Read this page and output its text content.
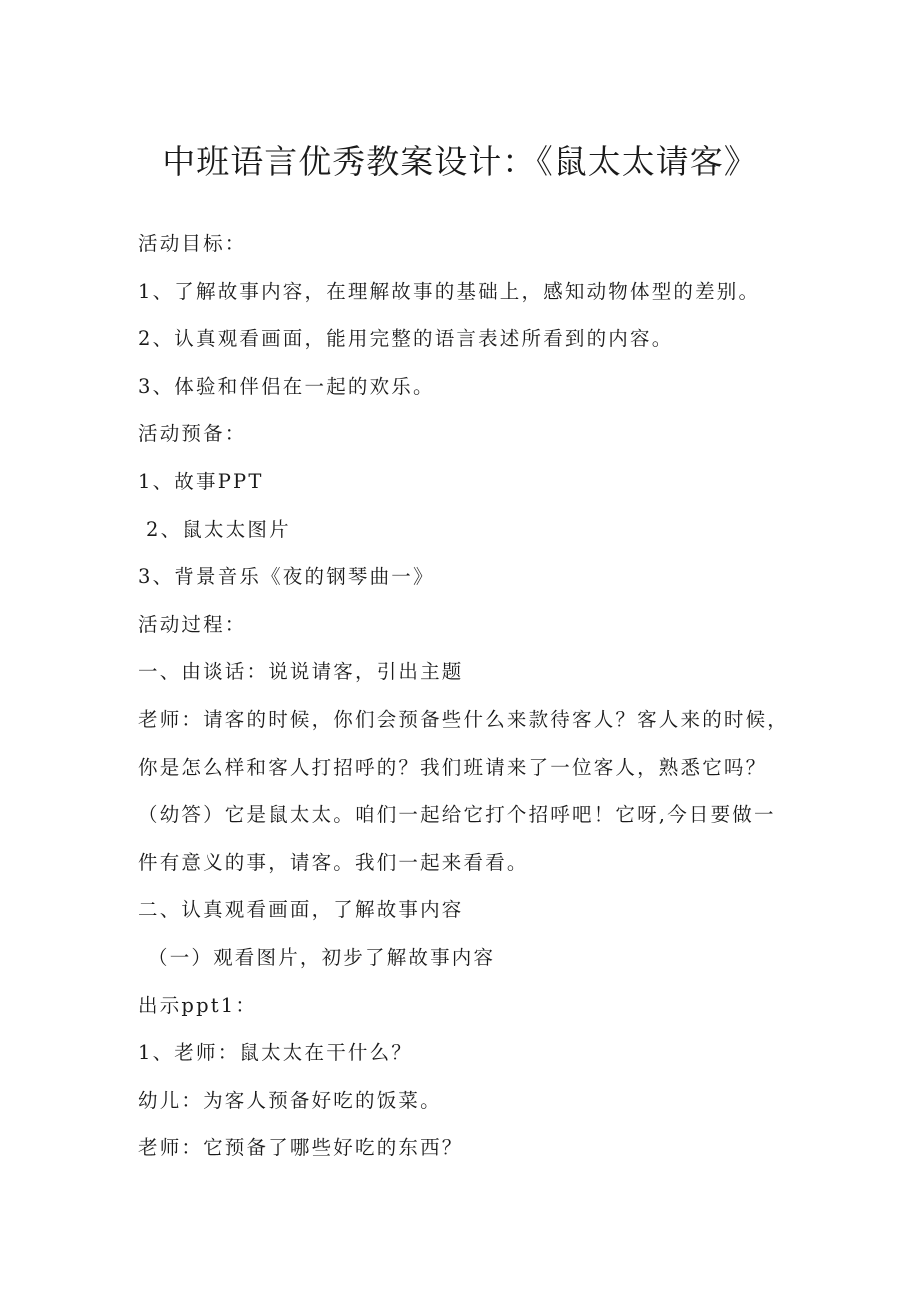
中班语言优秀教案设计：《鼠太太请客》
活动目标：
1、了解故事内容，在理解故事的基础上，感知动物体型的差别。
2、认真观看画面，能用完整的语言表述所看到的内容。
3、体验和伴侣在一起的欢乐。
活动预备：
1、故事PPT
2、鼠太太图片
3、背景音乐《夜的钢琴曲一》
活动过程：
一、由谈话：说说请客，引出主题
老师：请客的时候，你们会预备些什么来款待客人？客人来的时候，
你是怎么样和客人打招呼的？我们班请来了一位客人，熟悉它吗？
（幼答）它是鼠太太。咱们一起给它打个招呼吧！它呀,今日要做一
件有意义的事，请客。我们一起来看看。
二、认真观看画面，了解故事内容
（一）观看图片，初步了解故事内容
出示ppt1：
1、老师：鼠太太在干什么？
幼儿：为客人预备好吃的饭菜。
老师：它预备了哪些好吃的东西？
